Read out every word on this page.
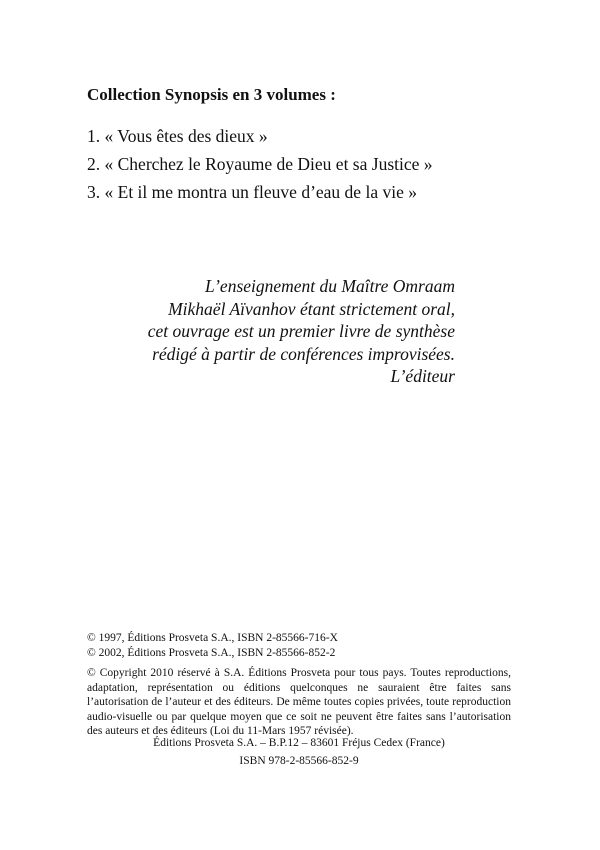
Collection Synopsis en 3 volumes :
1. « Vous êtes des dieux »
2. « Cherchez le Royaume de Dieu et sa Justice »
3. « Et il me montra un fleuve d’eau de la vie »

L’enseignement du Maître Omraam

Mikhaël Aïvanhov étant strictement oral,

cet ouvrage est un premier livre de synthèse

rédigé à partir de conférences improvisées.

L’éditeur

© 1997, Éditions Prosveta S.A., ISBN 2-85566-716-X

© 2002, Éditions Prosveta S.A., ISBN 2-85566-852-2

© Copyright 2010 réservé à S.A. Éditions Prosveta pour tous pays. Toutes reproductions, adaptation, représentation ou éditions quelconques ne sauraient être faites sans l’autorisation de l’auteur et des éditeurs. De même toutes copies privées, toute reproduction audio-visuelle ou par quelque moyen que ce soit ne peuvent être faites sans l’autorisation des auteurs et des éditeurs (Loi du 11-Mars 1957 révisée).

Éditions Prosveta S.A. – B.P.12 – 83601 Fréjus Cedex (France)

ISBN 978-2-85566-852-9
